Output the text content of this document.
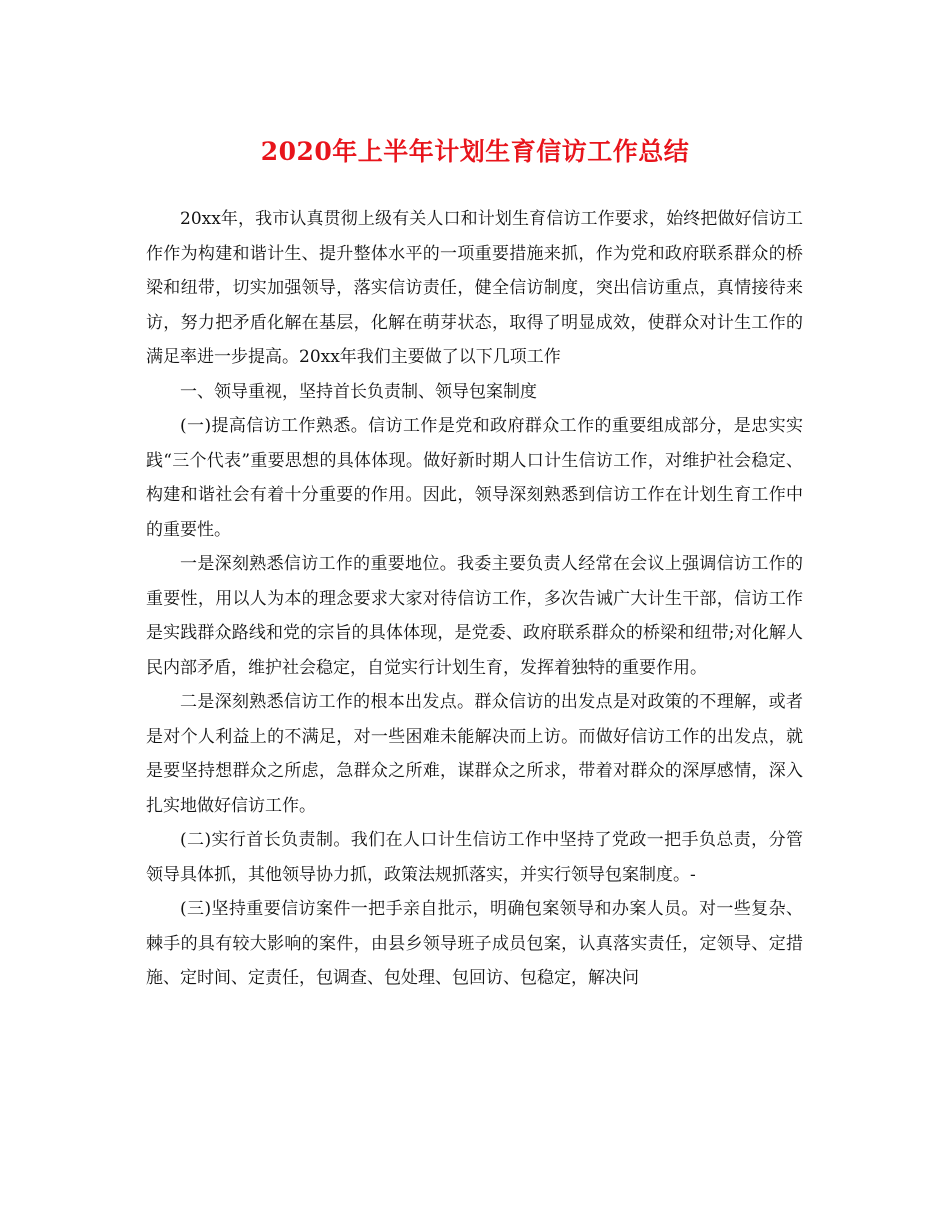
2020年上半年计划生育信访工作总结

20xx年，我市认真贯彻上级有关人口和计划生育信访工作要求，始终把做好信访工作作为构建和谐计生、提升整体水平的一项重要措施来抓，作为党和政府联系群众的桥梁和纽带，切实加强领导，落实信访责任，健全信访制度，突出信访重点，真情接待来访，努力把矛盾化解在基层，化解在萌芽状态，取得了明显成效，使群众对计生工作的满足率进一步提高。20xx年我们主要做了以下几项工作

一、领导重视，坚持首长负责制、领导包案制度

(一)提高信访工作熟悉。信访工作是党和政府群众工作的重要组成部分，是忠实实践“三个代表”重要思想的具体体现。做好新时期人口计生信访工作，对维护社会稳定、构建和谐社会有着十分重要的作用。因此，领导深刻熟悉到信访工作在计划生育工作中的重要性。

一是深刻熟悉信访工作的重要地位。我委主要负责人经常在会议上强调信访工作的重要性，用以人为本的理念要求大家对待信访工作，多次告诫广大计生干部，信访工作是实践群众路线和党的宗旨的具体体现，是党委、政府联系群众的桥梁和纽带;对化解人民内部矛盾，维护社会稳定，自觉实行计划生育，发挥着独特的重要作用。

二是深刻熟悉信访工作的根本出发点。群众信访的出发点是对政策的不理解，或者是对个人利益上的不满足，对一些困难未能解决而上访。而做好信访工作的出发点，就是要坚持想群众之所虑，急群众之所难，谋群众之所求，带着对群众的深厚感情，深入扎实地做好信访工作。

(二)实行首长负责制。我们在人口计生信访工作中坚持了党政一把手负总责，分管领导具体抓，其他领导协力抓，政策法规抓落实，并实行领导包案制度。-

(三)坚持重要信访案件一把手亲自批示，明确包案领导和办案人员。对一些复杂、棘手的具有较大影响的案件，由县乡领导班子成员包案，认真落实责任，定领导、定措施、定时间、定责任，包调查、包处理、包回访、包稳定，解决问
